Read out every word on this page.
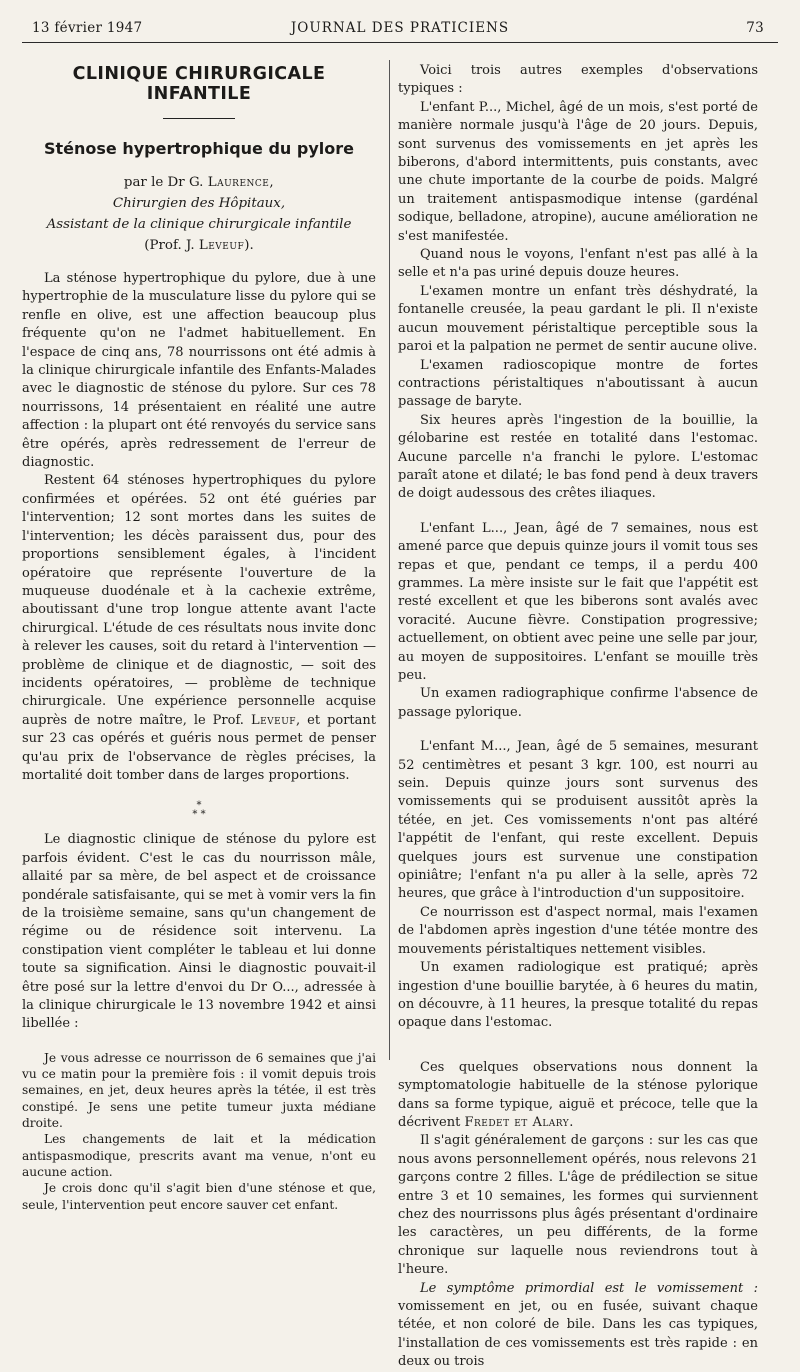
13 février 1947	JOURNAL DES PRATICIENS	73
CLINIQUE CHIRURGICALE INFANTILE
Sténose hypertrophique du pylore
par le Dr G. Laurence,
Chirurgien des Hôpitaux,
Assistant de la clinique chirurgicale infantile
(Prof. J. Leveuf).

La sténose hypertrophique du pylore, due à une hypertrophie de la musculature lisse du pylore qui se renfle en olive, est une affection beaucoup plus fréquente qu'on ne l'admet habituellement. En l'espace de cinq ans, 78 nourrissons ont été admis à la clinique chirurgicale infantile des Enfants-Malades avec le diagnostic de sténose du pylore. Sur ces 78 nourrissons, 14 présentaient en réalité une autre affection : la plupart ont été renvoyés du service sans être opérés, après redressement de l'erreur de diagnostic.

Restent 64 sténoses hypertrophiques du pylore confirmées et opérées. 52 ont été guéries par l'intervention; 12 sont mortes dans les suites de l'intervention; les décès paraissent dus, pour des proportions sensiblement égales, à l'incident opératoire que représente l'ouverture de la muqueuse duodénale et à la cachexie extrême, aboutissant d'une trop longue attente avant l'acte chirurgical. L'étude de ces résultats nous invite donc à relever les causes, soit du retard à l'intervention — problème de clinique et de diagnostic, — soit des incidents opératoires, — problème de technique chirurgicale. Une expérience personnelle acquise auprès de notre maître, le Prof. Leveuf, et portant sur 23 cas opérés et guéris nous permet de penser qu'au prix de l'observance de règles précises, la mortalité doit tomber dans de larges proportions.

*
* *

Le diagnostic clinique de sténose du pylore est parfois évident. C'est le cas du nourrisson mâle, allaité par sa mère, de bel aspect et de croissance pondérale satisfaisante, qui se met à vomir vers la fin de la troisième semaine, sans qu'un changement de régime ou de résidence soit intervenu. La constipation vient compléter le tableau et lui donne toute sa signification. Ainsi le diagnostic pouvait-il être posé sur la lettre d'envoi du Dr O..., adressée à la clinique chirurgicale le 13 novembre 1942 et ainsi libellée :

Je vous adresse ce nourrisson de 6 semaines que j'ai vu ce matin pour la première fois : il vomit depuis trois semaines, en jet, deux heures après la tétée, il est très constipé. Je sens une petite tumeur juxta médiane droite.

Les changements de lait et la médication antispasmodique, prescrits avant ma venue, n'ont eu aucune action.

Je crois donc qu'il s'agit bien d'une sténose et que, seule, l'intervention peut encore sauver cet enfant.

Voici trois autres exemples d'observations typiques :

L'enfant P..., Michel, âgé de un mois, s'est porté de manière normale jusqu'à l'âge de 20 jours. Depuis, sont survenus des vomissements en jet après les biberons, d'abord intermittents, puis constants, avec une chute importante de la courbe de poids. Malgré un traitement antispasmodique intense (gardénal sodique, belladone, atropine), aucune amélioration ne s'est manifestée.

Quand nous le voyons, l'enfant n'est pas allé à la selle et n'a pas uriné depuis douze heures.

L'examen montre un enfant très déshydraté, la fontanelle creusée, la peau gardant le pli. Il n'existe aucun mouvement péristaltique perceptible sous la paroi et la palpation ne permet de sentir aucune olive.

L'examen radioscopique montre de fortes contractions péristaltiques n'aboutissant à aucun passage de baryte.

Six heures après l'ingestion de la bouillie, la gélobarine est restée en totalité dans l'estomac. Aucune parcelle n'a franchi le pylore. L'estomac paraît atone et dilaté; le bas fond pend à deux travers de doigt audessous des crêtes iliaques.

L'enfant L..., Jean, âgé de 7 semaines, nous est amené parce que depuis quinze jours il vomit tous ses repas et que, pendant ce temps, il a perdu 400 grammes. La mère insiste sur le fait que l'appétit est resté excellent et que les biberons sont avalés avec voracité. Aucune fièvre. Constipation progressive; actuellement, on obtient avec peine une selle par jour, au moyen de suppositoires. L'enfant se mouille très peu.

Un examen radiographique confirme l'absence de passage pylorique.

L'enfant M..., Jean, âgé de 5 semaines, mesurant 52 centimètres et pesant 3 kgr. 100, est nourri au sein. Depuis quinze jours sont survenus des vomissements qui se produisent aussitôt après la tétée, en jet. Ces vomissements n'ont pas altéré l'appétit de l'enfant, qui reste excellent. Depuis quelques jours est survenue une constipation opiniâtre; l'enfant n'a pu aller à la selle, après 72 heures, que grâce à l'introduction d'un suppositoire.

Ce nourrisson est d'aspect normal, mais l'examen de l'abdomen après ingestion d'une tétée montre des mouvements péristaltiques nettement visibles.

Un examen radiologique est pratiqué; après ingestion d'une bouillie barytée, à 6 heures du matin, on découvre, à 11 heures, la presque totalité du repas opaque dans l'estomac.

Ces quelques observations nous donnent la symptomatologie habituelle de la sténose pylorique dans sa forme typique, aiguë et précoce, telle que la décrivent Fredet et Alary.

Il s'agit généralement de garçons : sur les cas que nous avons personnellement opérés, nous relevons 21 garçons contre 2 filles. L'âge de prédilection se situe entre 3 et 10 semaines, les formes qui surviennent chez des nourrissons plus âgés présentant d'ordinaire les caractères, un peu différents, de la forme chronique sur laquelle nous reviendrons tout à l'heure.

Le symptôme primordial est le vomissement : vomissement en jet, ou en fusée, suivant chaque tétée, et non coloré de bile. Dans les cas typiques, l'installation de ces vomissements est très rapide : en deux ou trois
